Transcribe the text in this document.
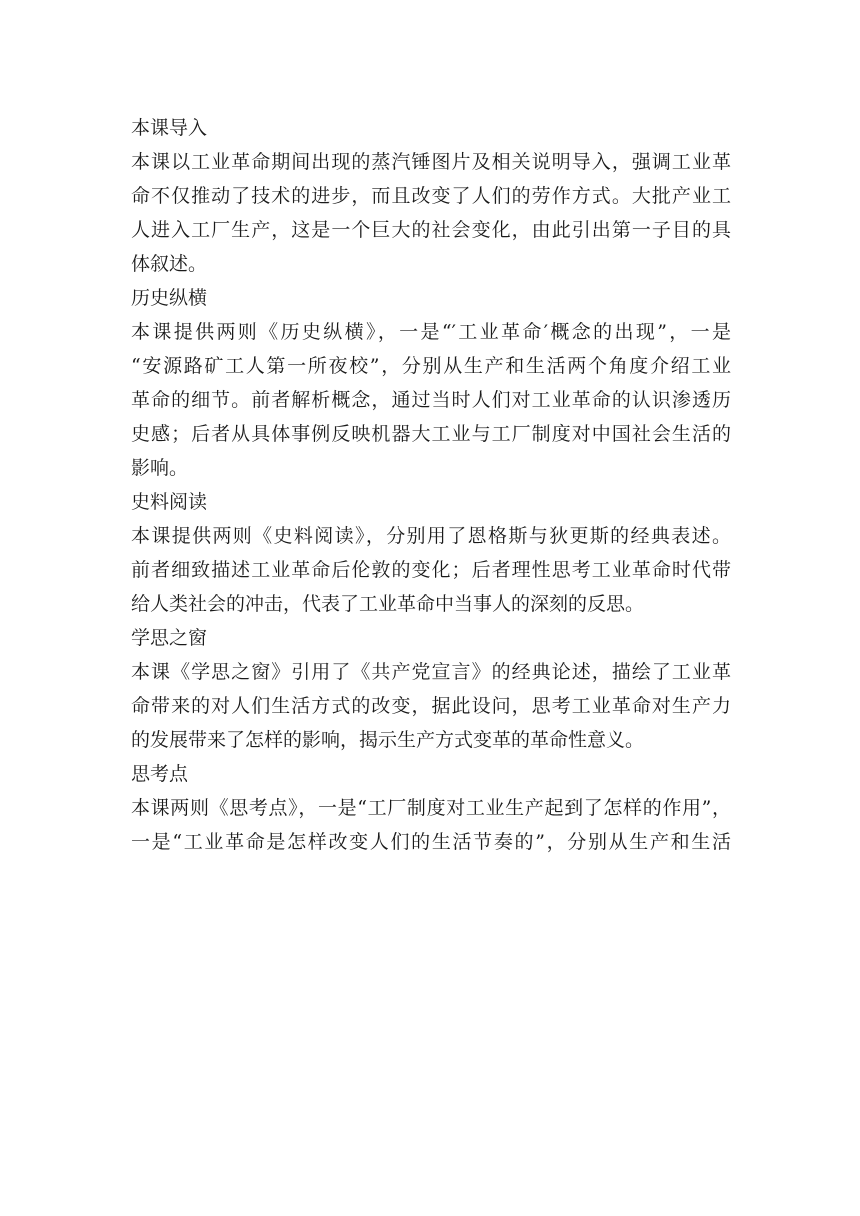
本课导入
本课以工业革命期间出现的蒸汽锤图片及相关说明导入，强调工业革
命不仅推动了技术的进步，而且改变了人们的劳作方式。大批产业工
人进入工厂生产，这是一个巨大的社会变化，由此引出第一子目的具
体叙述。
历史纵横
本课提供两则《历史纵横》，一是“′工业革命′概念的出现”，一是
“安源路矿工人第一所夜校”，分别从生产和生活两个角度介绍工业
革命的细节。前者解析概念，通过当时人们对工业革命的认识渗透历
史感；后者从具体事例反映机器大工业与工厂制度对中国社会生活的
影响。
史料阅读
本课提供两则《史料阅读》，分别用了恩格斯与狄更斯的经典表述。
前者细致描述工业革命后伦敦的变化；后者理性思考工业革命时代带
给人类社会的冲击，代表了工业革命中当事人的深刻的反思。
学思之窗
本课《学思之窗》引用了《共产党宣言》的经典论述，描绘了工业革
命带来的对人们生活方式的改变，据此设问，思考工业革命对生产力
的发展带来了怎样的影响，揭示生产方式变革的革命性意义。
思考点
本课两则《思考点》，一是“工厂制度对工业生产起到了怎样的作用”，
一是“工业革命是怎样改变人们的生活节奏的”，分别从生产和生活
